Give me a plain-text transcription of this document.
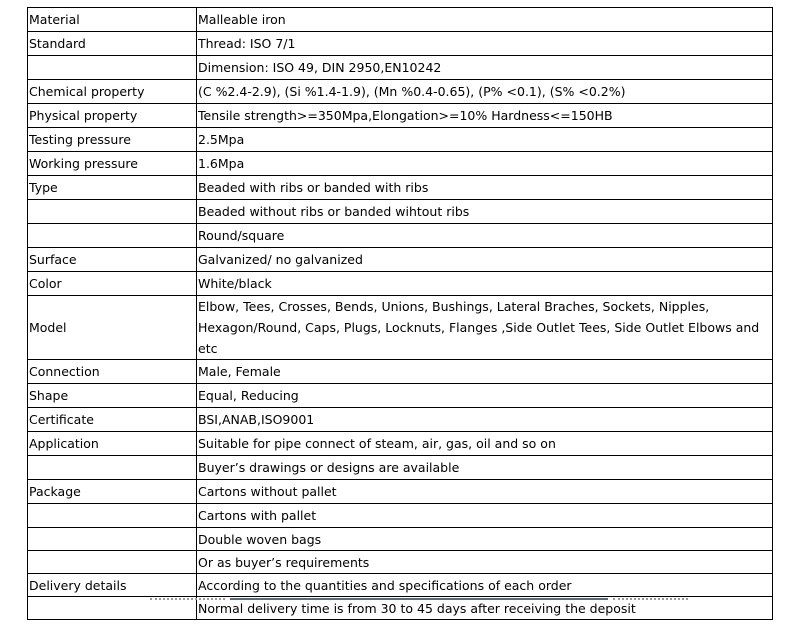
Material	Malleable iron
Standard	Thread: ISO 7/1
	Dimension: ISO 49, DIN 2950,EN10242
Chemical property	(C %2.4-2.9), (Si %1.4-1.9), (Mn %0.4-0.65), (P% <0.1), (S% <0.2%)
Physical property	Tensile strength>=350Mpa,Elongation>=10% Hardness<=150HB
Testing pressure	2.5Mpa
Working pressure	1.6Mpa
Type	Beaded with ribs or banded with ribs
	Beaded without ribs or banded wihtout ribs
	Round/square
Surface	Galvanized/ no galvanized
Color	White/black
Model	Elbow, Tees, Crosses, Bends, Unions, Bushings, Lateral Braches, Sockets, Nipples, Hexagon/Round, Caps, Plugs, Locknuts, Flanges ,Side Outlet Tees, Side Outlet Elbows and etc
Connection	Male, Female
Shape	Equal, Reducing
Certificate	BSI,ANAB,ISO9001
Application	Suitable for pipe connect of steam, air, gas, oil and so on
	Buyer’s drawings or designs are available
Package	Cartons without pallet
	Cartons with pallet
	Double woven bags
	Or as buyer’s requirements
Delivery details	According to the quantities and specifications of each order
	Normal delivery time is from 30 to 45 days after receiving the deposit
